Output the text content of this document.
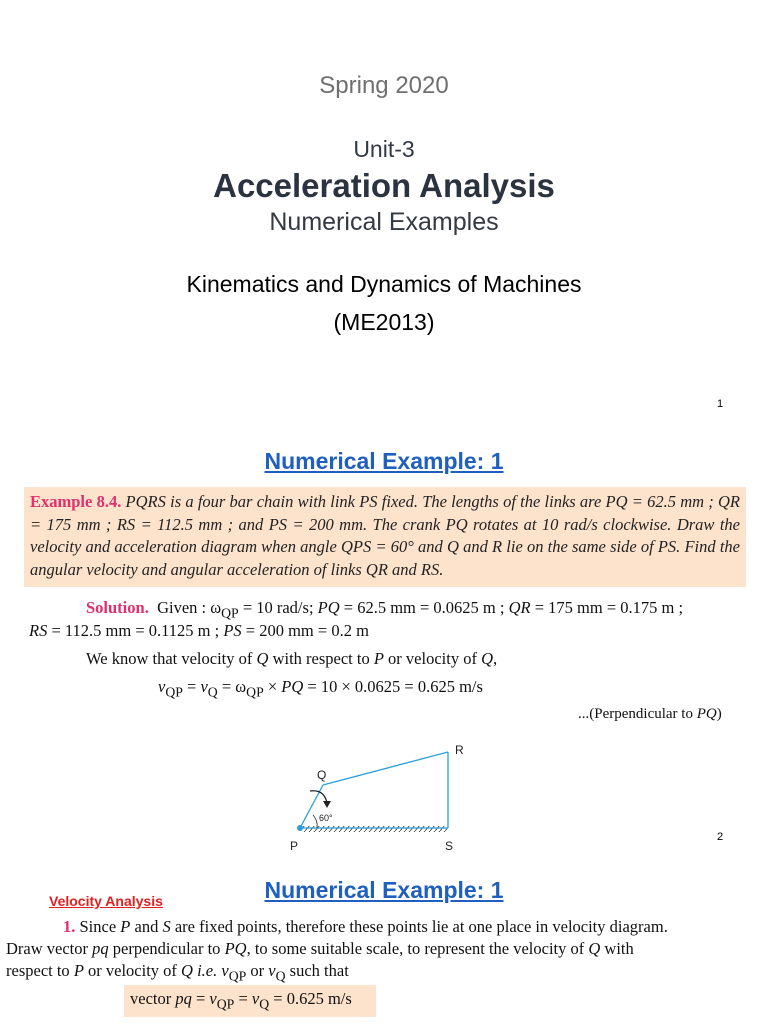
Spring 2020
Unit-3
Acceleration Analysis
Numerical Examples
Kinematics and Dynamics of Machines
(ME2013)
1
Numerical Example: 1
Example 8.4. PQRS is a four bar chain with link PS fixed. The lengths of the links are PQ = 62.5 mm ; QR = 175 mm ; RS = 112.5 mm ; and PS = 200 mm. The crank PQ rotates at 10 rad/s clockwise. Draw the velocity and acceleration diagram when angle QPS = 60° and Q and R lie on the same side of PS. Find the angular velocity and angular acceleration of links QR and RS.
Solution.  Given : $\omega_{QP} = 10$ rad/s; PQ = 62.5 mm = 0.0625 m ; QR = 175 mm = 0.175 m ;
RS = 112.5 mm = 0.1125 m ; PS = 200 mm = 0.2 m
We know that velocity of Q with respect to P or velocity of Q,
$v_{QP} = v_Q = \omega_{QP}$ × PQ = 10 × 0.0625 = 0.625 m/s
...(Perpendicular to PQ)
P
Q
R
S
60°
2
Numerical Example: 1
Velocity Analysis
1. Since P and S are fixed points, therefore these points lie at one place in velocity diagram.
Draw vector pq perpendicular to PQ, to some suitable scale, to represent the velocity of Q with
respect to P or velocity of Q i.e. $v_{QP}$ or $v_Q$ such that
vector pq = $v_{QP} = v_Q = 0.625$ m/s
